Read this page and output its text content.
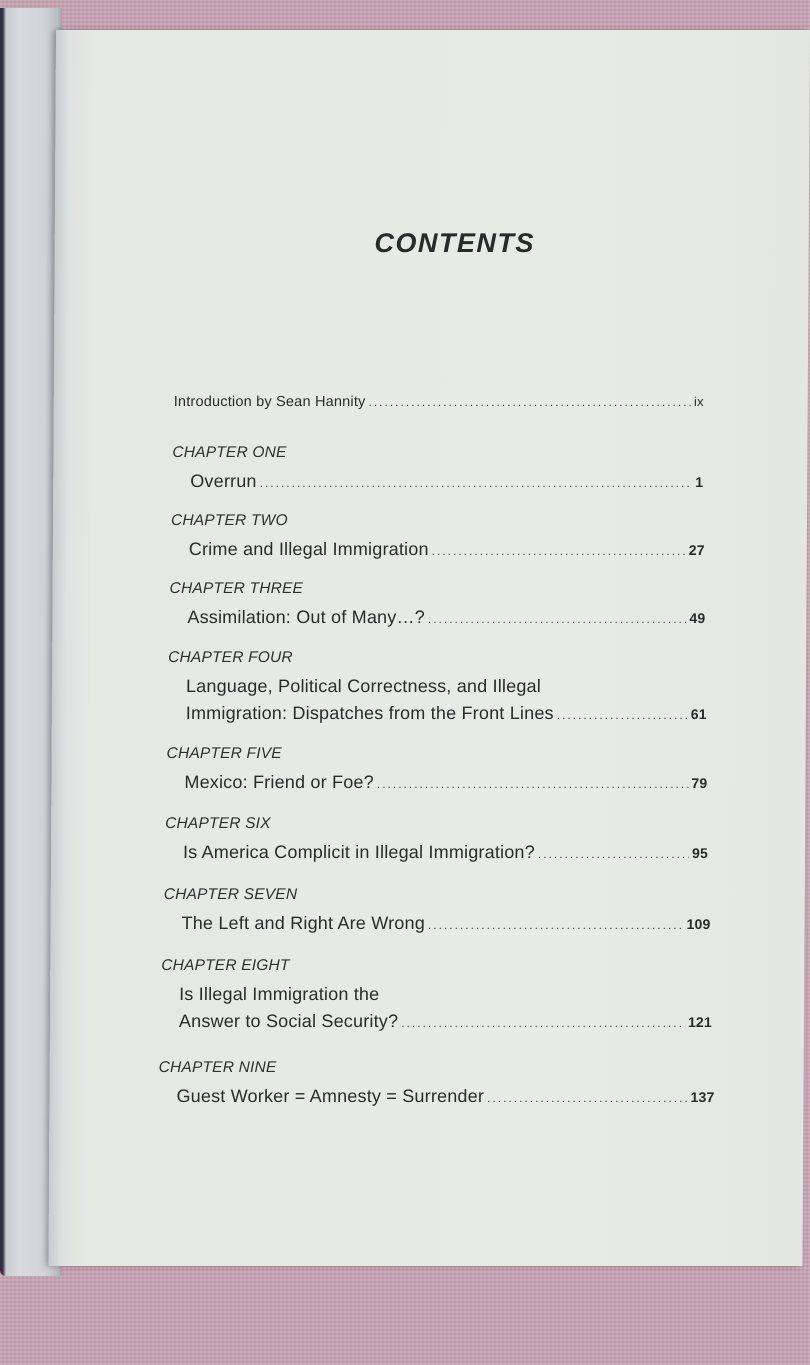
CONTENTS
Introduction by Sean Hannity .....	ix
CHAPTER ONE
Overrun .....	1
CHAPTER TWO
Crime and Illegal Immigration .....	27
CHAPTER THREE
Assimilation: Out of Many…? .....	49
CHAPTER FOUR
Language, Political Correctness, and Illegal
Immigration: Dispatches from the Front Lines .....	61
CHAPTER FIVE
Mexico: Friend or Foe? .....	79
CHAPTER SIX
Is America Complicit in Illegal Immigration? .....	95
CHAPTER SEVEN
The Left and Right Are Wrong .....	109
CHAPTER EIGHT
Is Illegal Immigration the
Answer to Social Security? .....	121
CHAPTER NINE
Guest Worker = Amnesty = Surrender .....	137
